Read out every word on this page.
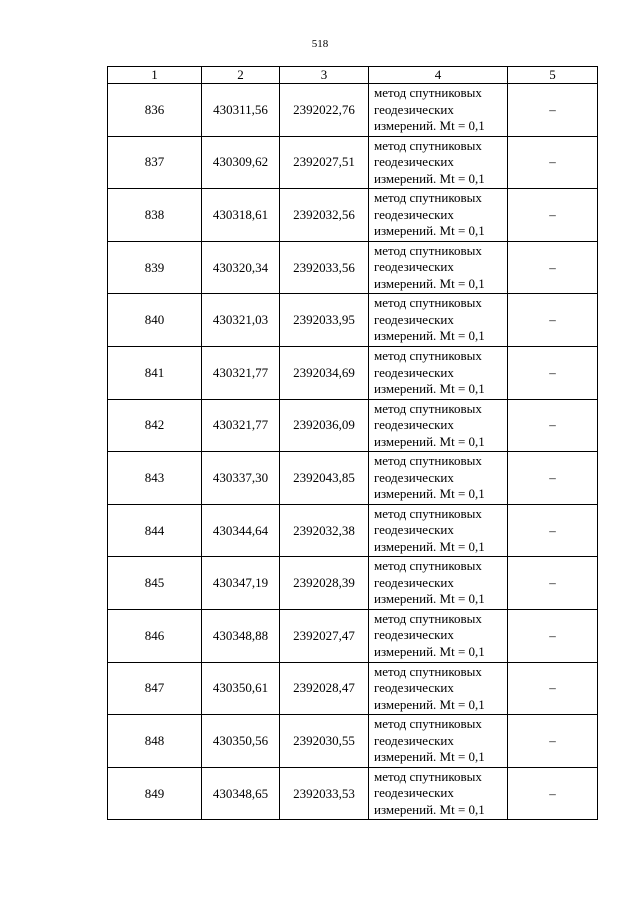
518
1	2	3	4	5
836	430311,56	2392022,76	метод спутниковых
геодезических
измерений. Mt = 0,1	–
837	430309,62	2392027,51	метод спутниковых
геодезических
измерений. Mt = 0,1	–
838	430318,61	2392032,56	метод спутниковых
геодезических
измерений. Mt = 0,1	–
839	430320,34	2392033,56	метод спутниковых
геодезических
измерений. Mt = 0,1	–
840	430321,03	2392033,95	метод спутниковых
геодезических
измерений. Mt = 0,1	–
841	430321,77	2392034,69	метод спутниковых
геодезических
измерений. Mt = 0,1	–
842	430321,77	2392036,09	метод спутниковых
геодезических
измерений. Mt = 0,1	–
843	430337,30	2392043,85	метод спутниковых
геодезических
измерений. Mt = 0,1	–
844	430344,64	2392032,38	метод спутниковых
геодезических
измерений. Mt = 0,1	–
845	430347,19	2392028,39	метод спутниковых
геодезических
измерений. Mt = 0,1	–
846	430348,88	2392027,47	метод спутниковых
геодезических
измерений. Mt = 0,1	–
847	430350,61	2392028,47	метод спутниковых
геодезических
измерений. Mt = 0,1	–
848	430350,56	2392030,55	метод спутниковых
геодезических
измерений. Mt = 0,1	–
849	430348,65	2392033,53	метод спутниковых
геодезических
измерений. Mt = 0,1	–
